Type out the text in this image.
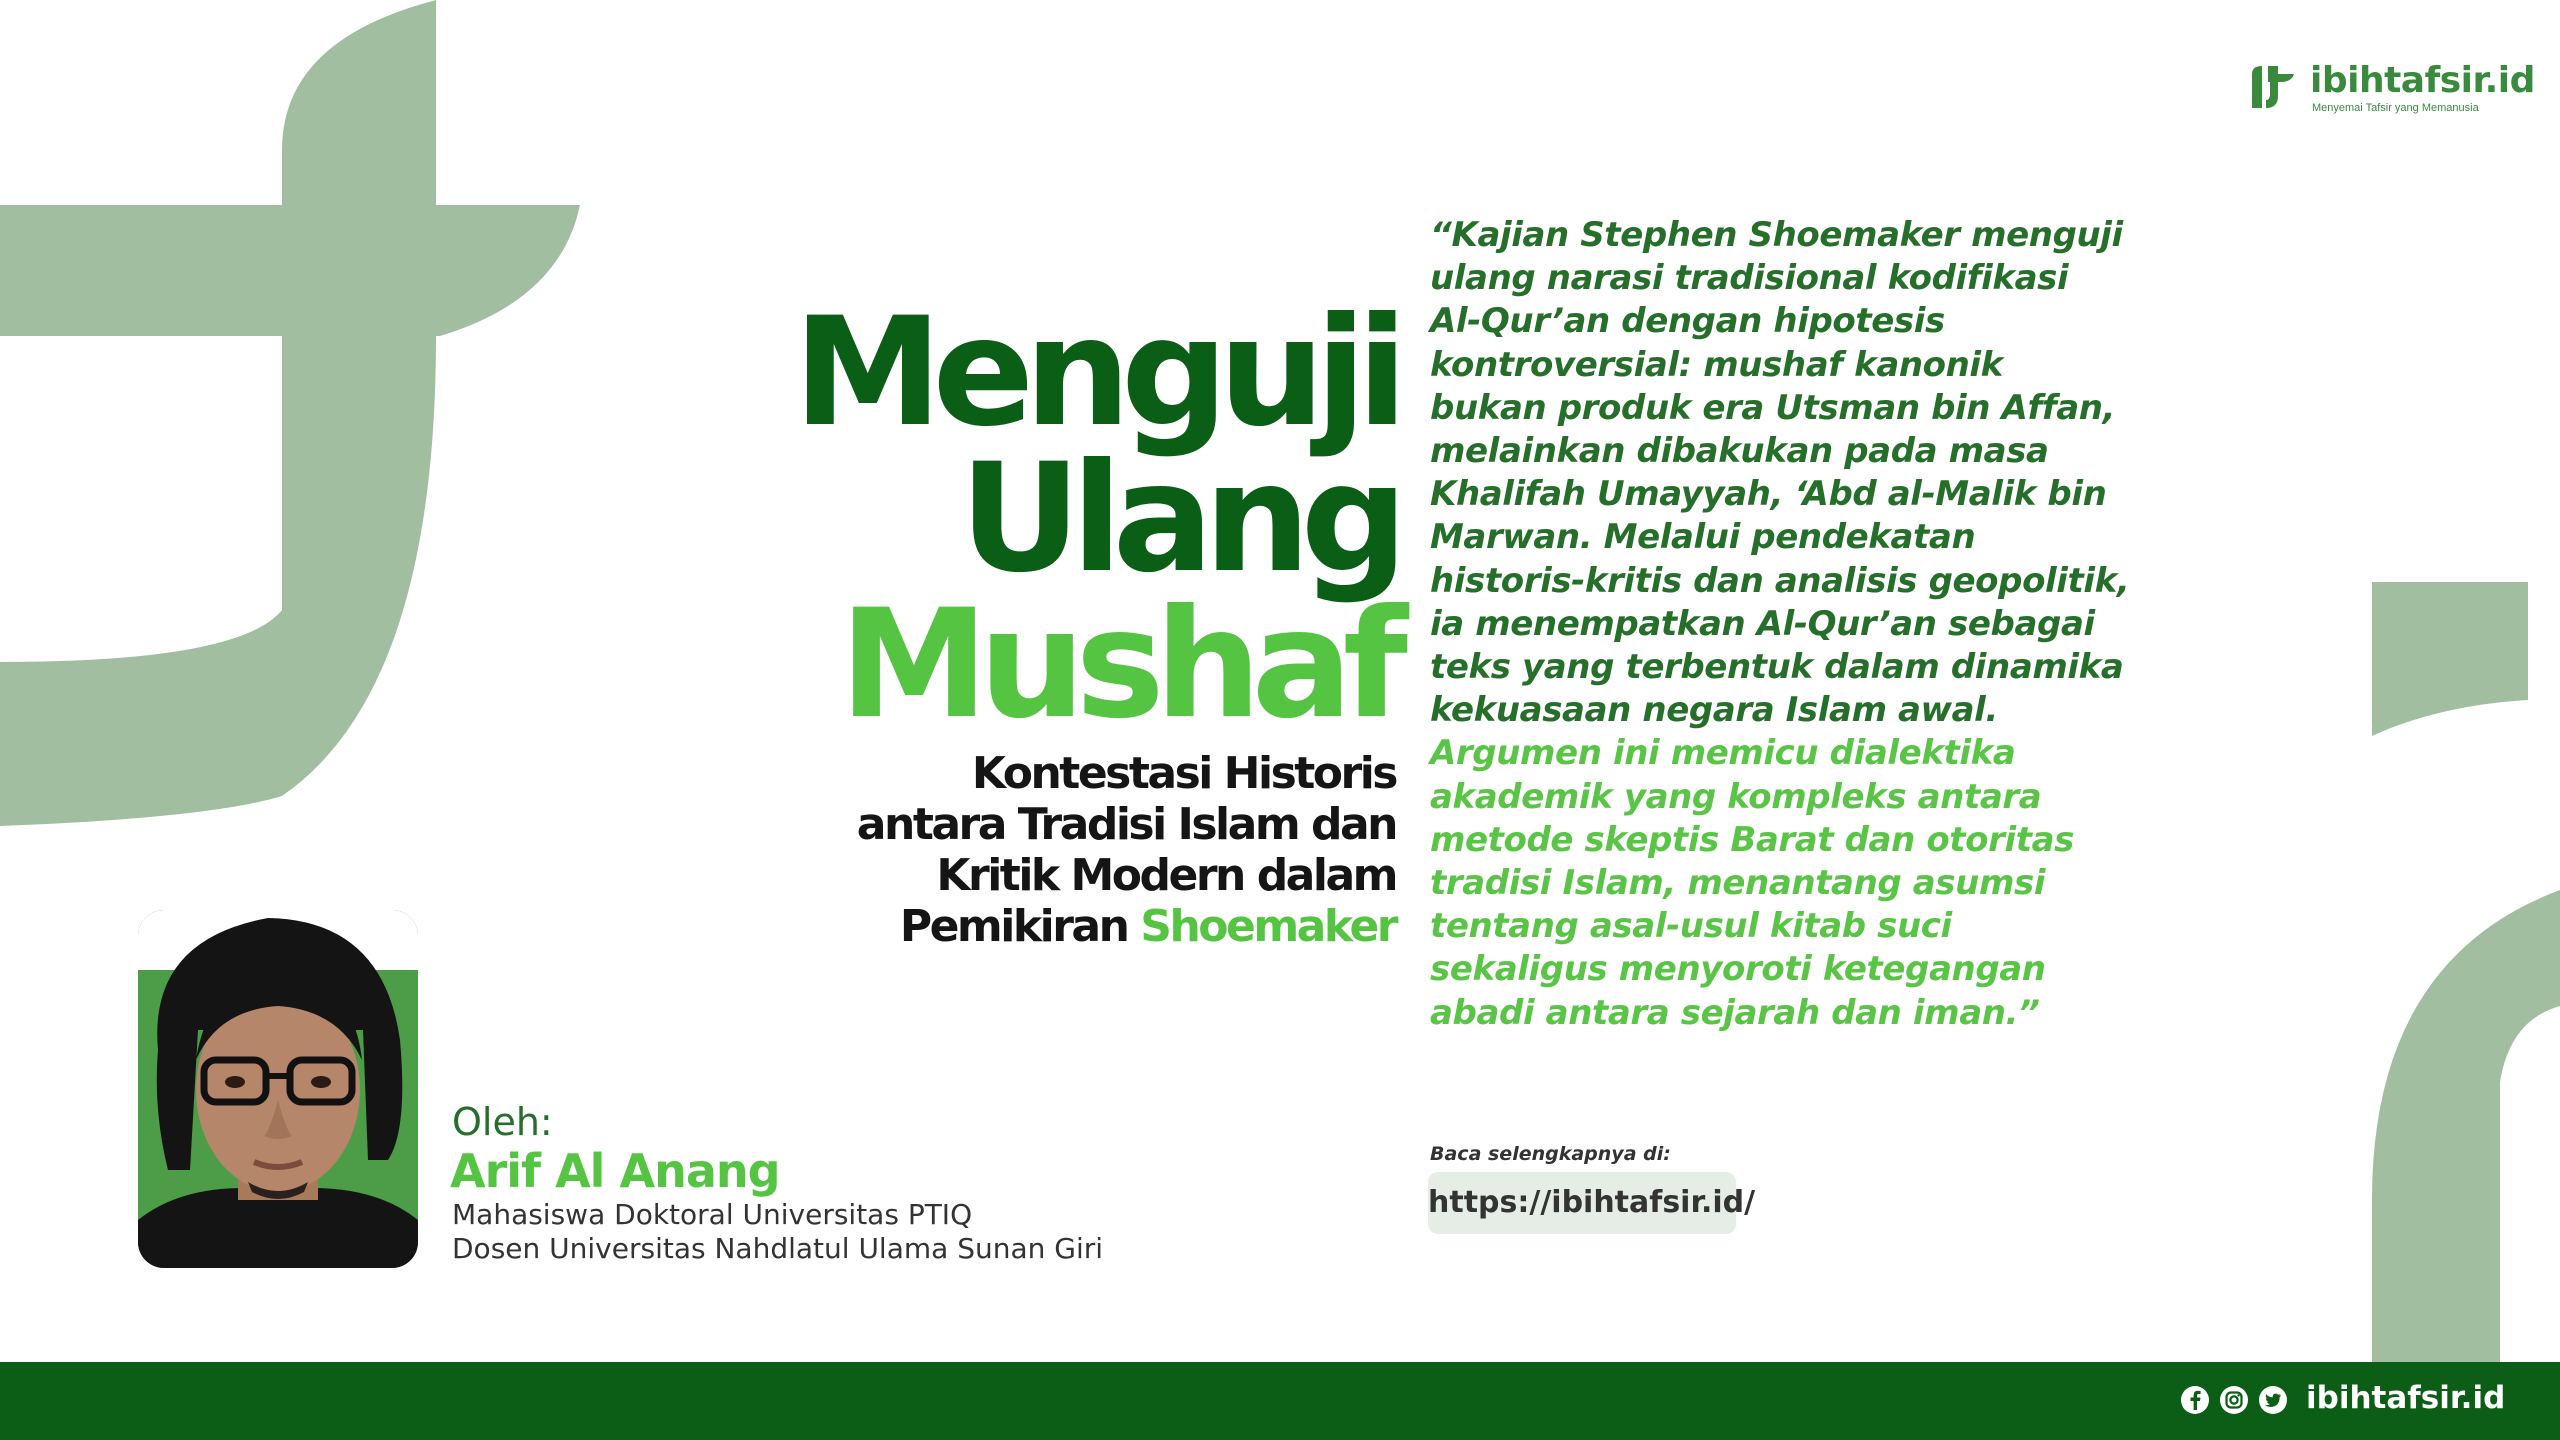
ibihtafsir.id
Menyemai Tafsir yang Memanusia
Menguji
Ulang
Mushaf
Kontestasi Historis
antara Tradisi Islam dan
Kritik Modern dalam
Pemikiran Shoemaker
“Kajian Stephen Shoemaker menguji ulang narasi tradisional kodifikasi Al-Qur’an dengan hipotesis kontroversial: mushaf kanonik bukan produk era Utsman bin Affan, melainkan dibakukan pada masa Khalifah Umayyah, ‘Abd al-Malik bin Marwan. Melalui pendekatan historis-kritis dan analisis geopolitik, ia menempatkan Al-Qur’an sebagai teks yang terbentuk dalam dinamika kekuasaan negara Islam awal. Argumen ini memicu dialektika akademik yang kompleks antara metode skeptis Barat dan otoritas tradisi Islam, menantang asumsi tentang asal-usul kitab suci sekaligus menyoroti ketegangan abadi antara sejarah dan iman.”
Baca selengkapnya di:
https://ibihtafsir.id/
Oleh:
Arif Al Anang
Mahasiswa Doktoral Universitas PTIQ
Dosen Universitas Nahdlatul Ulama Sunan Giri
ibihtafsir.id
